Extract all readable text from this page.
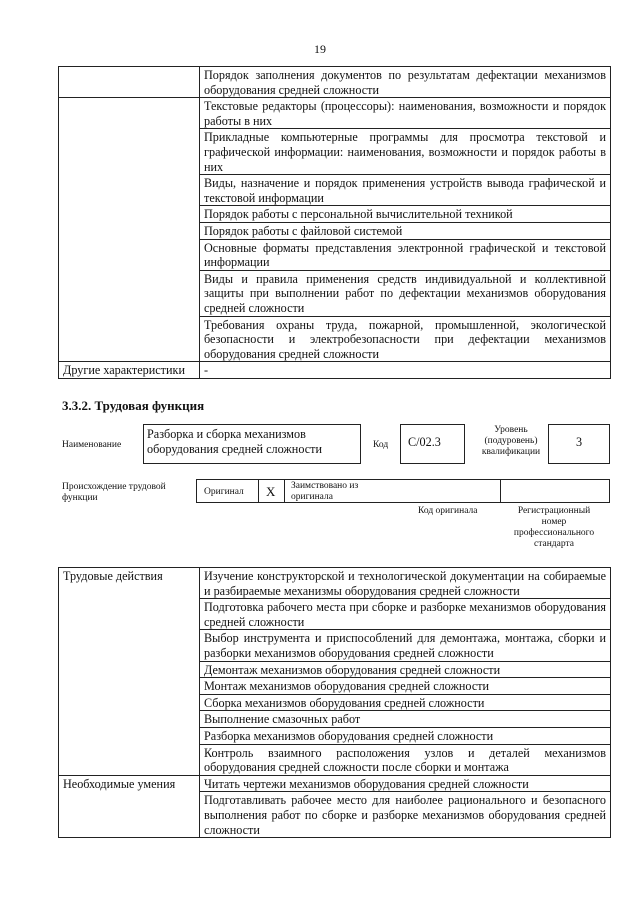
19
	Порядок заполнения документов по результатам дефектации механизмов оборудования средней сложности
	Текстовые редакторы (процессоры): наименования, возможности и порядок работы в них
	Прикладные компьютерные программы для просмотра текстовой и графической информации: наименования, возможности и порядок работы в них
	Виды, назначение и порядок применения устройств вывода графической и текстовой информации
	Порядок работы с персональной вычислительной техникой
	Порядок работы с файловой системой
	Основные форматы представления электронной графической и текстовой информации
	Виды и правила применения средств индивидуальной и коллективной защиты при выполнении работ по дефектации механизмов оборудования средней сложности
	Требования охраны труда, пожарной, промышленной, экологической безопасности и электробезопасности при дефектации механизмов оборудования средней сложности
Другие характеристики	-
3.3.2. Трудовая функция
Наименование
Разборка и сборка механизмов оборудования средней сложности	Код	С/02.3
Уровень (подуровень) квалификации
3
Происхождение трудовой функции
Оригинал Х Заимствовано из оригинала
Код оригинала	Регистрационный номер профессионального стандарта
Трудовые действия	Изучение конструкторской и технологической документации на собираемые и разбираемые механизмы оборудования средней сложности
	Подготовка рабочего места при сборке и разборке механизмов оборудования средней сложности
	Выбор инструмента и приспособлений для демонтажа, монтажа, сборки и разборки механизмов оборудования средней сложности
	Демонтаж механизмов оборудования средней сложности
	Монтаж механизмов оборудования средней сложности
	Сборка механизмов оборудования средней сложности
	Выполнение смазочных работ
	Разборка механизмов оборудования средней сложности
	Контроль взаимного расположения узлов и деталей механизмов оборудования средней сложности после сборки и монтажа
Необходимые умения	Читать чертежи механизмов оборудования средней сложности
	Подготавливать рабочее место для наиболее рационального и безопасного выполнения работ по сборке и разборке механизмов оборудования средней сложности
